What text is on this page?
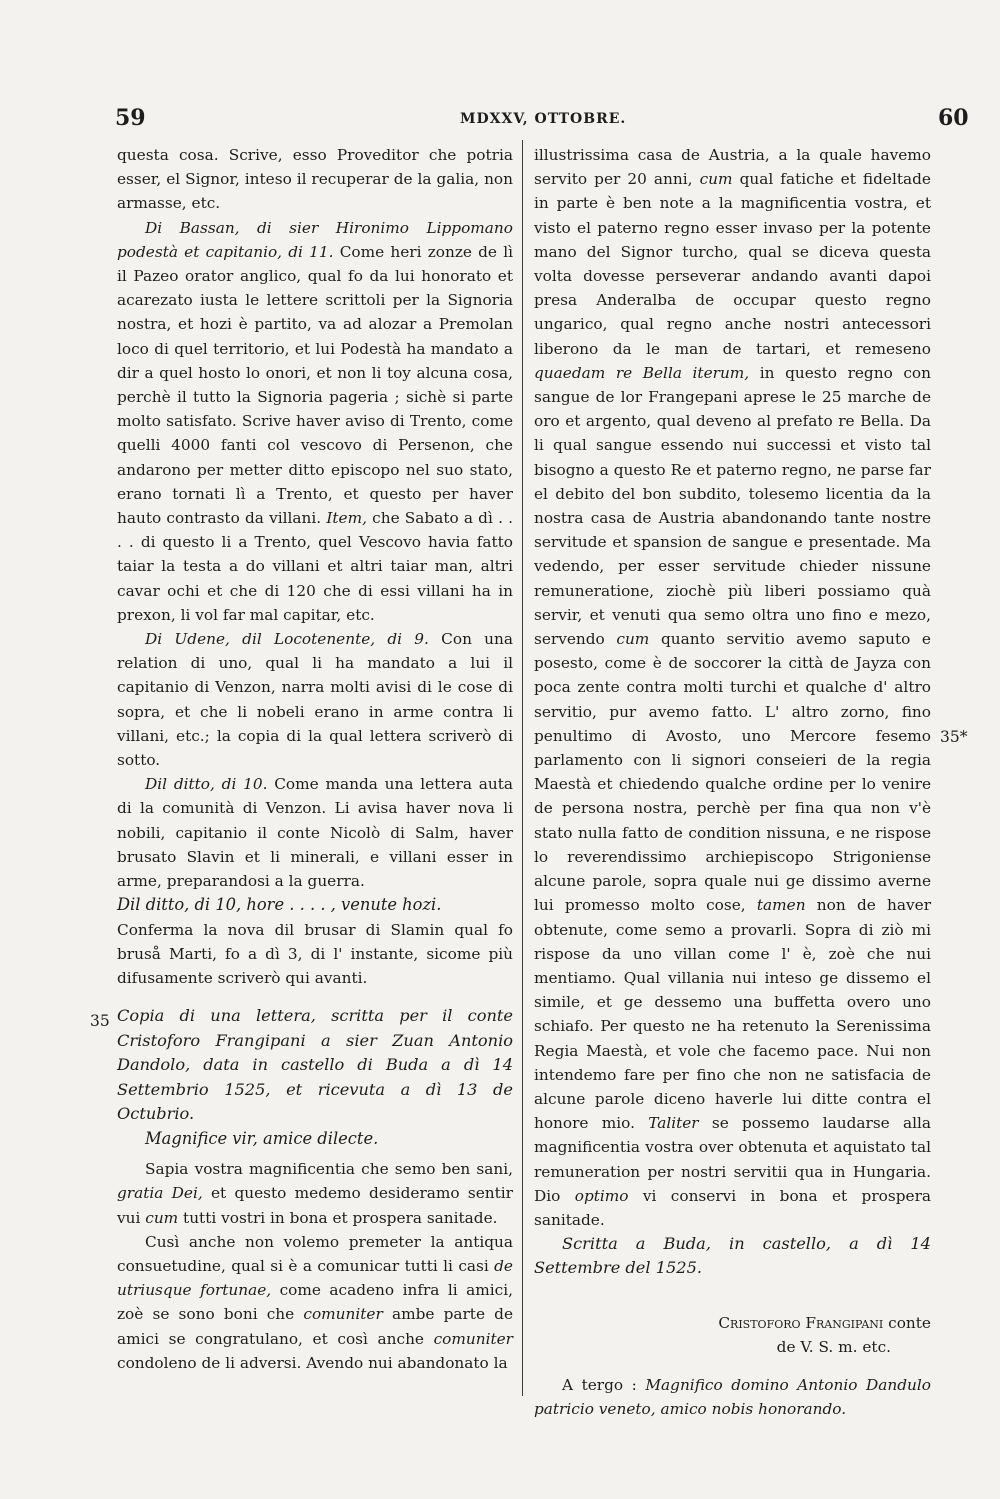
59	MDXXV, OTTOBRE.	60
35
35*

questa cosa. Scrive, esso Proveditor che potria esser, el Signor, inteso il recuperar de la galia, non armasse, etc.

Di Bassan, di sier Hironimo Lippomano podestà et capitanio, di 11. Come heri zonze de lì il Pazeo orator anglico, qual fo da lui honorato et acarezato iusta le lettere scrittoli per la Signoria nostra, et hozi è partito, va ad alozar a Premolan loco di quel territorio, et lui Podestà ha mandato a dir a quel hosto lo onori, et non li toy alcuna cosa, perchè il tutto la Signoria pageria ; sichè si parte molto satisfato. Scrive haver aviso di Trento, come quelli 4000 fanti col vescovo di Persenon, che andarono per metter ditto episcopo nel suo stato, erano tornati lì a Trento, et questo per haver hauto contrasto da villani. Item, che Sabato a dì . . . . di questo li a Trento, quel Vescovo havia fatto taiar la testa a do villani et altri taiar man, altri cavar ochi et che di 120 che di essi villani ha in prexon, li vol far mal capitar, etc.

Di Udene, dil Locotenente, di 9. Con una relation di uno, qual li ha mandato a lui il capitanio di Venzon, narra molti avisi di le cose di sopra, et che li nobeli erano in arme contra li villani, etc.; la copia di la qual lettera scriverò di sotto.

Dil ditto, di 10. Come manda una lettera auta di la comunità di Venzon. Li avisa haver nova li nobili, capitanio il conte Nicolò di Salm, haver brusato Slavin et li minerali, e villani esser in arme, preparandosi a la guerra.

Dil ditto, di 10, hore . . . . , venute hozi.

Conferma la nova dil brusar di Slamin qual fo bruså Marti, fo a dì 3, di l' instante, sicome più difusamente scriverò qui avanti.

Copia di una lettera, scritta per il conte Cristoforo Frangipani a sier Zuan Antonio Dandolo, data in castello di Buda a dì 14 Settembrio 1525, et ricevuta a dì 13 de Octubrio.

Magnifice vir, amice dilecte.

Sapia vostra magnificentia che semo ben sani, gratia Dei, et questo medemo desideramo sentir vui cum tutti vostri in bona et prospera sanitade.

Cusì anche non volemo premeter la antiqua consuetudine, qual si è a comunicar tutti li casi de utriusque fortunae, come acadeno infra li amici, zoè se sono boni che comuniter ambe parte de amici se congratulano, et così anche comuniter condoleno de li adversi. Avendo nui abandonato la

illustrissima casa de Austria, a la quale havemo servito per 20 anni, cum qual fatiche et fideltade in parte è ben note a la magnificentia vostra, et visto el paterno regno esser invaso per la potente mano del Signor turcho, qual se diceva questa volta dovesse perseverar andando avanti dapoi presa Anderalba de occupar questo regno ungarico, qual regno anche nostri antecessori liberono da le man de tartari, et remeseno quaedam re Bella iterum, in questo regno con sangue de lor Frangepani aprese le 25 marche de oro et argento, qual deveno al prefato re Bella. Da li qual sangue essendo nui successi et visto tal bisogno a questo Re et paterno regno, ne parse far el debito del bon subdito, tolesemo licentia da la nostra casa de Austria abandonando tante nostre servitude et spansion de sangue e presentade. Ma vedendo, per esser servitude chieder nissune remuneratione, ziochè più liberi possiamo quà servir, et venuti qua semo oltra uno fino e mezo, servendo cum quanto servitio avemo saputo e posesto, come è de soccorer la città de Jayza con poca zente contra molti turchi et qualche d' altro servitio, pur avemo fatto. L' altro zorno, fino penultimo di Avosto, uno Mercore fesemo parlamento con li signori conseieri de la regia Maestà et chiedendo qualche ordine per lo venire de persona nostra, perchè per fina qua non v'è stato nulla fatto de condition nissuna, e ne rispose lo reverendissimo archiepiscopo Strigoniense alcune parole, sopra quale nui ge dissimo averne lui promesso molto cose, tamen non de haver obtenute, come semo a provarli. Sopra di ziò mi rispose da uno villan come l' è, zoè che nui mentiamo. Qual villania nui inteso ge dissemo el simile, et ge dessemo una buffetta overo uno schiafo. Per questo ne ha retenuto la Serenissima Regia Maestà, et vole che facemo pace. Nui non intendemo fare per fino che non ne satisfacia de alcune parole diceno haverle lui ditte contra el honore mio. Taliter se possemo laudarse alla magnificentia vostra over obtenuta et aquistato tal remuneration per nostri servitii qua in Hungaria. Dio optimo vi conservi in bona et prospera sanitade.

Scritta a Buda, in castello, a dì 14 Settembre del 1525.

Cristoforo Frangipani conte

de V. S. m. etc.

A tergo : Magnifico domino Antonio Dandulo patricio veneto, amico nobis honorando.
